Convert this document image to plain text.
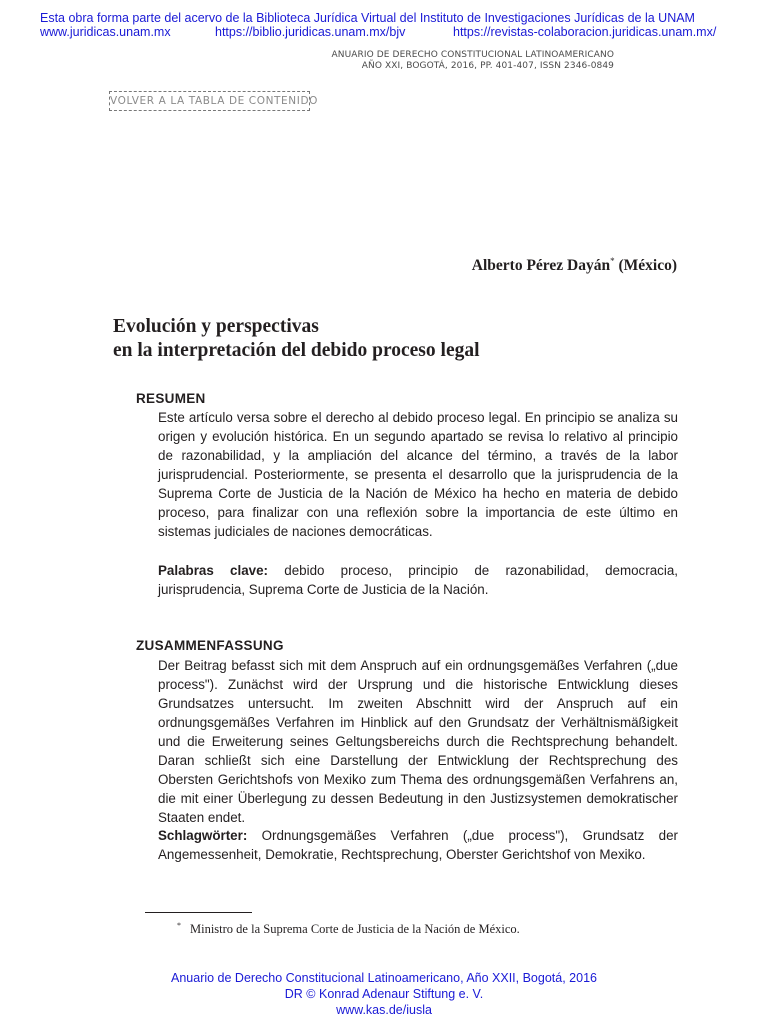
Esta obra forma parte del acervo de la Biblioteca Jurídica Virtual del Instituto de Investigaciones Jurídicas de la UNAM
www.juridicas.unam.mx	https://biblio.juridicas.unam.mx/bjv	https://revistas-colaboracion.juridicas.unam.mx/
ANUARIO DE DERECHO CONSTITUCIONAL LATINOAMERICANO
AÑO XXI, BOGOTÁ, 2016, PP. 401-407, ISSN 2346-0849
VOLVER A LA TABLA DE CONTENIDO
Alberto Pérez Dayán* (México)
Evolución y perspectivas
en la interpretación del debido proceso legal
RESUMEN

Este artículo versa sobre el derecho al debido proceso legal. En principio se analiza su origen y evolución histórica. En un segundo apartado se revisa lo relativo al principio de razonabilidad, y la ampliación del alcance del término, a través de la labor jurisprudencial. Posteriormente, se presenta el desarrollo que la jurisprudencia de la Suprema Corte de Justicia de la Nación de México ha hecho en materia de debido proceso, para finalizar con una reflexión sobre la importancia de este último en sistemas judiciales de naciones democráticas.

Palabras clave: debido proceso, principio de razonabilidad, democracia, jurisprudencia, Suprema Corte de Justicia de la Nación.

ZUSAMMENFASSUNG

Der Beitrag befasst sich mit dem Anspruch auf ein ordnungsgemäßes Verfahren („due process"). Zunächst wird der Ursprung und die historische Entwicklung dieses Grundsatzes untersucht. Im zweiten Abschnitt wird der Anspruch auf ein ordnungsgemäßes Verfahren im Hinblick auf den Grundsatz der Verhältnismäßigkeit und die Erweiterung seines Geltungsbereichs durch die Rechtsprechung behandelt. Daran schließt sich eine Darstellung der Entwicklung der Rechtsprechung des Obersten Gerichtshofs von Mexiko zum Thema des ordnungsgemäßen Verfahrens an, die mit einer Überlegung zu dessen Bedeutung in den Justizsystemen demokratischer Staaten endet.

Schlagwörter: Ordnungsgemäßes Verfahren („due process"), Grundsatz der Angemessenheit, Demokratie, Rechtsprechung, Oberster Gerichtshof von Mexiko.

* Ministro de la Suprema Corte de Justicia de la Nación de México.
Anuario de Derecho Constitucional Latinoamericano, Año XXII, Bogotá, 2016
DR © Konrad Adenaur Stiftung e. V.
www.kas.de/iusla
